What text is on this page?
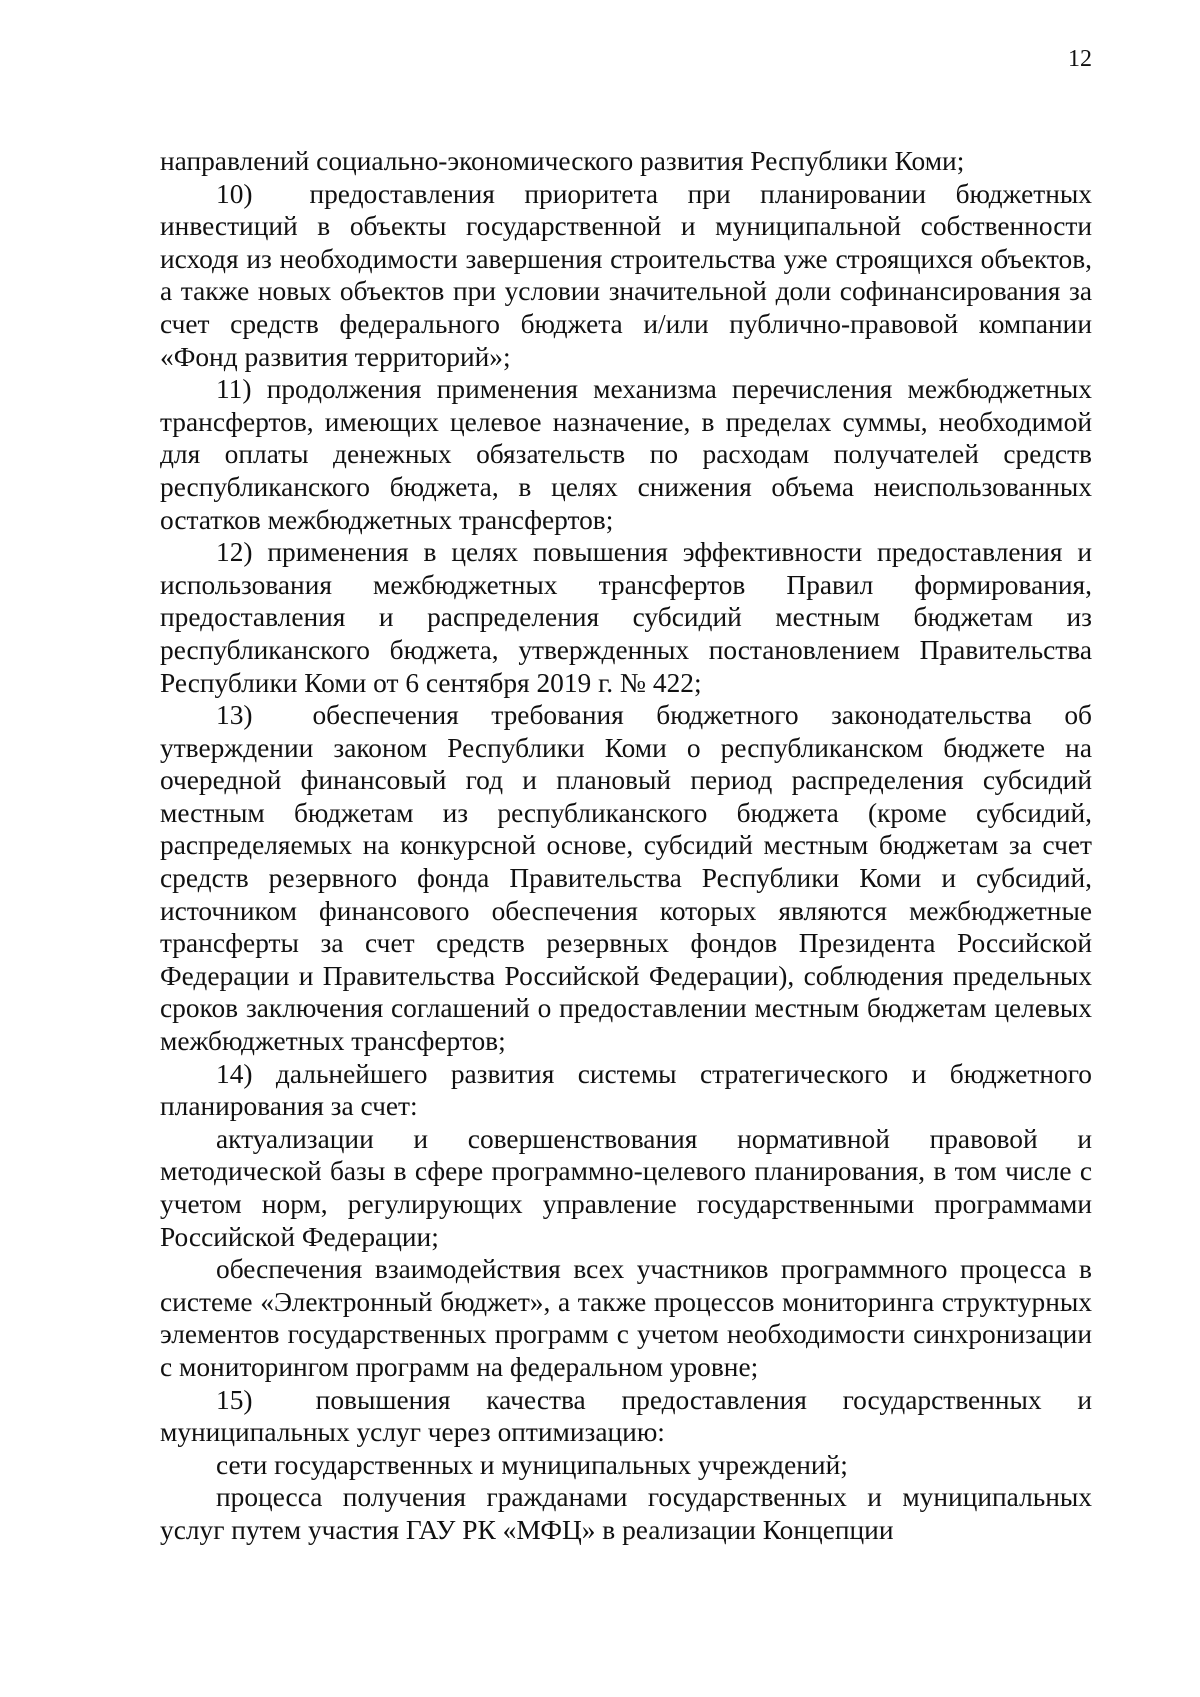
12

направлений социально-экономического развития Республики Коми;

10)  предоставления приоритета при планировании бюджетных инвестиций в объекты государственной и муниципальной собственности исходя из необходимости завершения строительства уже строящихся объектов, а также новых объектов при условии значительной доли софинансирования за счет средств федерального бюджета и/или публично-правовой компании «Фонд развития территорий»;

11) продолжения применения механизма перечисления межбюджетных трансфертов, имеющих целевое назначение, в пределах суммы, необходимой для оплаты денежных обязательств по расходам получателей средств республиканского бюджета, в целях снижения объема неиспользованных остатков межбюджетных трансфертов;

12) применения в целях повышения эффективности предоставления и использования межбюджетных трансфертов Правил формирования, предоставления и распределения субсидий местным бюджетам из республиканского бюджета, утвержденных постановлением Правительства Республики Коми от 6 сентября 2019 г. № 422;

13)  обеспечения требования бюджетного законодательства об утверждении законом Республики Коми о республиканском бюджете на очередной финансовый год и плановый период распределения субсидий местным бюджетам из республиканского бюджета (кроме субсидий, распределяемых на конкурсной основе, субсидий местным бюджетам за счет средств резервного фонда Правительства Республики Коми и субсидий, источником финансового обеспечения которых являются межбюджетные трансферты за счет средств резервных фондов Президента Российской Федерации и Правительства Российской Федерации), соблюдения предельных сроков заключения соглашений о предоставлении местным бюджетам целевых межбюджетных трансфертов;

14) дальнейшего развития системы стратегического и бюджетного планирования за счет:

актуализации и совершенствования нормативной правовой и методической базы в сфере программно-целевого планирования, в том числе с учетом норм, регулирующих управление государственными программами Российской Федерации;

обеспечения взаимодействия всех участников программного процесса в системе «Электронный бюджет», а также процессов мониторинга структурных элементов государственных программ с учетом необходимости синхронизации с мониторингом программ на федеральном уровне;

15)  повышения качества предоставления государственных и муниципальных услуг через оптимизацию:

сети государственных и муниципальных учреждений;

процесса получения гражданами государственных и муниципальных услуг путем участия ГАУ РК «МФЦ» в реализации Концепции
